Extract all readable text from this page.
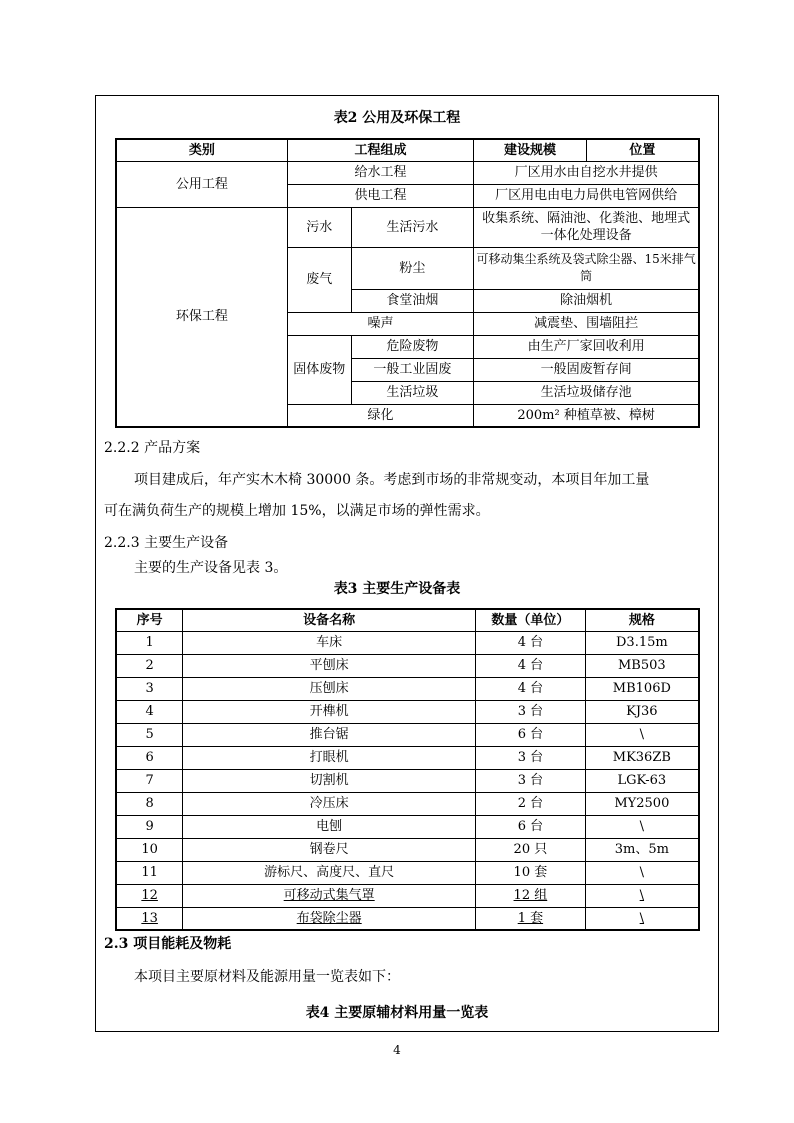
表2 公用及环保工程
类别	工程组成		建设规模	位置
公用工程	给水工程		厂区用水由自挖水井提供	
	供电工程		厂区用电由电力局供电管网供给	
环保工程	污水	生活污水	收集系统、隔油池、化粪池、地埋式一体化处理设备	
	废气	粉尘	可移动集尘系统及袋式除尘器、15米排气筒	
		食堂油烟	除油烟机	
	噪声		减震垫、围墙阻拦	

	固体废物	危险废物	由生产厂家回收利用	
		一般工业固废	一般固废暂存间	
		生活垃圾	生活垃圾储存池	
	绿化		200m² 种植草被、樟树	
2.2.2 产品方案
项目建成后，年产实木木椅 30000 条。考虑到市场的非常规变动，本项目年加工量
可在满负荷生产的规模上增加 15%，以满足市场的弹性需求。
2.2.3 主要生产设备
主要的生产设备见表 3。
表3 主要生产设备表
序号	设备名称	数量（单位）	规格
1	车床	4 台	D3.15m
2	平刨床	4 台	MB503
3	压刨床	4 台	MB106D
4	开榫机	3 台	KJ36
5	推台锯	6 台	\
6	打眼机	3 台	MK36ZB
7	切割机	3 台	LGK-63
8	冷压床	2 台	MY2500
9	电刨	6 台	\
10	钢卷尺	20 只	3m、5m
11	游标尺、高度尺、直尺	10 套	\
12	可移动式集气罩	12 组	\
13	布袋除尘器	1 套	\
2.3 项目能耗及物耗
本项目主要原材料及能源用量一览表如下：
表4 主要原辅材料用量一览表
4
